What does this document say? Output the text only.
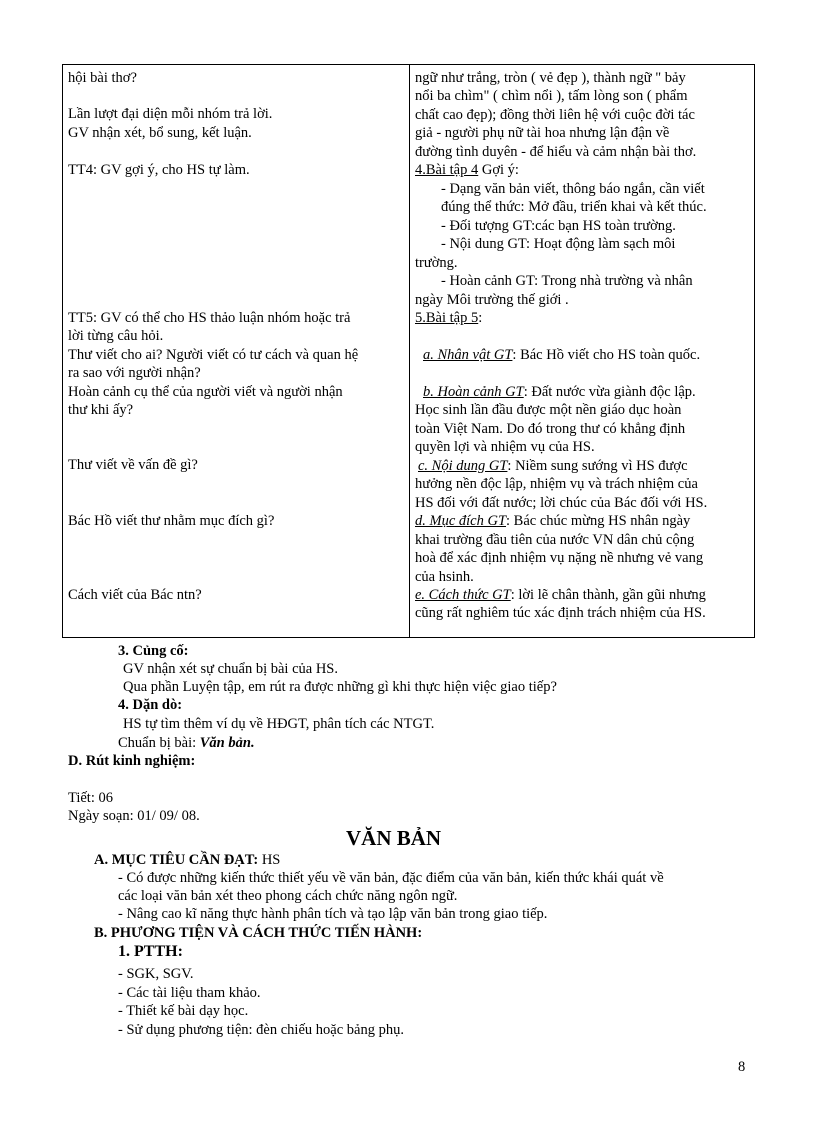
hội bài thơ?
Lần lượt đại diện mỗi nhóm trả lời.
GV nhận xét, bổ sung, kết luận.
TT4: GV gợi ý, cho HS tự làm.
TT5: GV có thể cho HS thảo luận nhóm hoặc trả
lời từng câu hỏi.
Thư viết cho ai? Người viết có tư cách và quan hệ
ra sao với người nhận?
Hoàn cảnh cụ thể của người viết và người nhận
thư khi ấy?
Thư viết về vấn đề gì?
Bác Hồ viết thư nhằm mục đích gì?
Cách viết của Bác ntn?
ngữ như trắng, tròn ( vẻ đẹp ), thành ngữ " bảy
nổi ba chìm" ( chìm nổi ), tấm lòng son ( phẩm
chất cao đẹp); đồng thời liên hệ với cuộc đời tác
giả - người phụ nữ tài hoa nhưng lận đận về
đường tình duyên - để hiểu và cảm nhận bài thơ.
4.Bài tập 4 Gợi ý:
- Dạng văn bản viết, thông báo ngắn, cần viết
đúng thể thức: Mở đầu, triển khai và kết thúc.
- Đối tượng GT:các bạn HS toàn trường.
- Nội dung GT: Hoạt động làm sạch môi
trường.
- Hoàn cảnh GT: Trong nhà trường và nhân
ngày Môi trường thế giới .
5.Bài tập 5:
a. Nhân vật GT: Bác Hồ viết cho HS toàn quốc.
b. Hoàn cảnh GT: Đất nước vừa giành độc lập.
Học sinh lần đầu được một nền giáo dục hoàn
toàn Việt Nam. Do đó trong thư có khẳng định
quyền lợi và nhiệm vụ của HS.
c. Nội dung GT: Niềm sung sướng vì HS được
hưởng nền độc lập, nhiệm vụ và trách nhiệm của
HS đối với đất nước; lời chúc của Bác đối với HS.
d. Mục đích GT: Bác chúc mừng HS nhân ngày
khai trường đầu tiên của nước VN dân chủ cộng
hoà để xác định nhiệm vụ nặng nề nhưng vẻ vang
của hsinh.
e. Cách thức GT: lời lẽ chân thành, gần gũi nhưng
cũng rất nghiêm túc xác định trách nhiệm của HS.
3. Củng cố:
GV nhận xét sự chuẩn bị bài của HS.
Qua phần Luyện tập, em rút ra được những gì khi thực hiện việc giao tiếp?
4. Dặn dò:
HS tự tìm thêm ví dụ về HĐGT, phân tích các NTGT.
Chuẩn bị bài: Văn bản.
D. Rút kinh nghiệm:
Tiết: 06
Ngày soạn: 01/ 09/ 08.
VĂN BẢN
A. MỤC TIÊU CẦN ĐẠT: HS
- Có được những kiến thức thiết yếu về văn bản, đặc điểm của văn bản, kiến thức khái quát về
các loại văn bản xét theo phong cách chức năng ngôn ngữ.
- Nâng cao kĩ năng thực hành phân tích và tạo lập văn bản trong giao tiếp.
B. PHƯƠNG TIỆN VÀ CÁCH THỨC TIẾN HÀNH:
1. PTTH:
- SGK, SGV.
- Các tài liệu tham khảo.
- Thiết kế bài dạy học.
- Sử dụng phương tiện: đèn chiếu hoặc bảng phụ.
8
